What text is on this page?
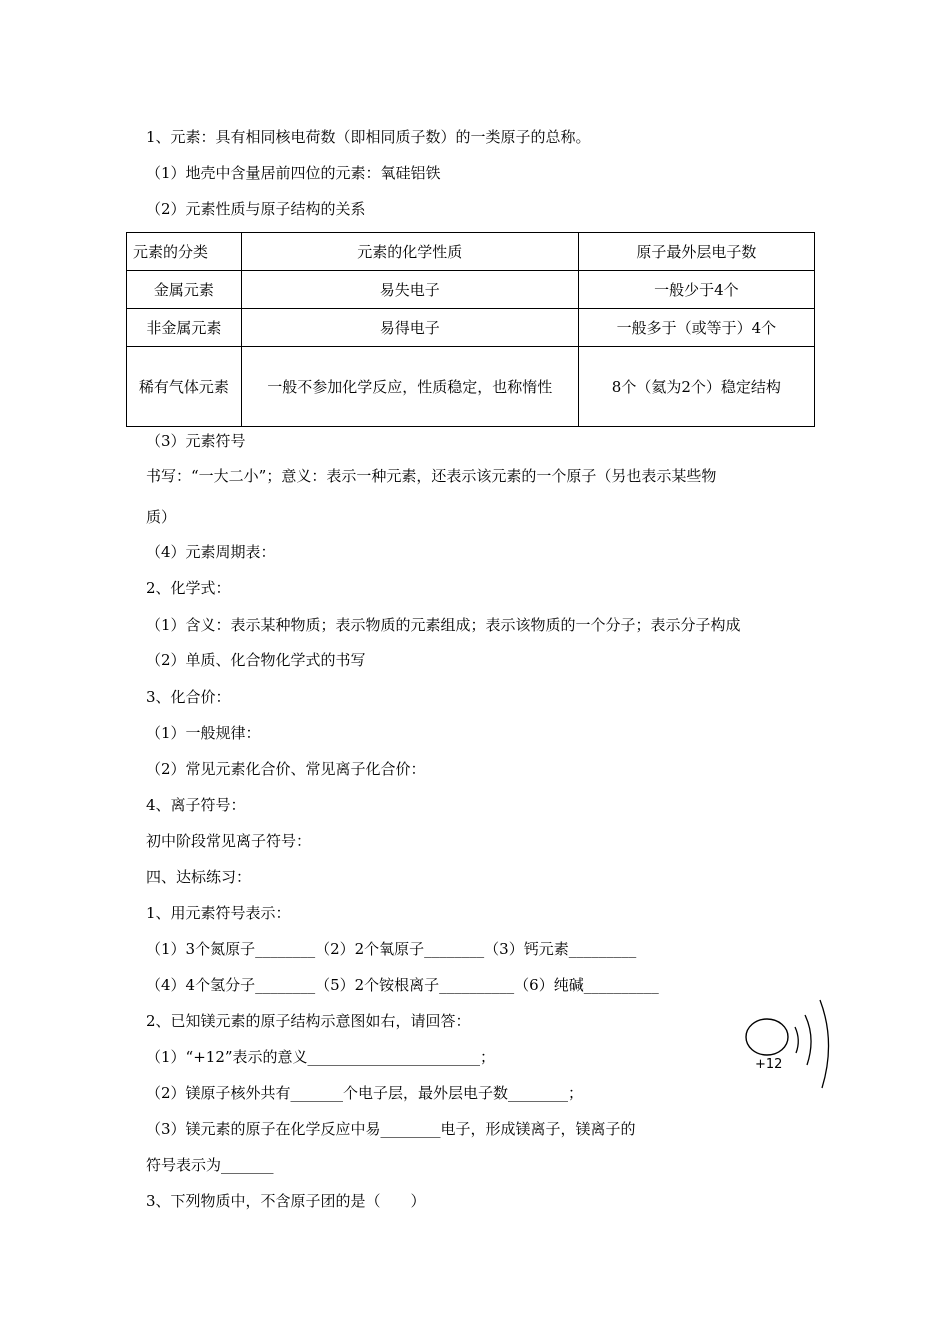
1、元素：具有相同核电荷数（即相同质子数）的一类原子的总称。
（1）地壳中含量居前四位的元素：氧硅铝铁
（2）元素性质与原子结构的关系
元素的分类	元素的化学性质	原子最外层电子数
金属元素	易失电子	一般少于4个
非金属元素	易得电子	一般多于（或等于）4个
稀有气体元素	一般不参加化学反应，性质稳定，也称惰性	8个（氦为2个）稳定结构
（3）元素符号
书写：“一大二小”；意义：表示一种元素，还表示该元素的一个原子（另也表示某些物
质）
（4）元素周期表：
2、化学式：
（1）含义：表示某种物质；表示物质的元素组成；表示该物质的一个分子；表示分子构成
（2）单质、化合物化学式的书写
3、化合价：
（1）一般规律：
（2）常见元素化合价、常见离子化合价：
4、离子符号：
初中阶段常见离子符号：
四、达标练习：
1、用元素符号表示：
（1）3个氮原子________（2）2个氧原子________（3）钙元素_________
（4）4个氢分子________（5）2个铵根离子__________（6）纯碱__________
2、已知镁元素的原子结构示意图如右，请回答：
（1）“+12”表示的意义_______________________；
（2）镁原子核外共有_______个电子层，最外层电子数________；
（3）镁元素的原子在化学反应中易________电子，形成镁离子，镁离子的
符号表示为_______
3、下列物质中，不含原子团的是（　　）
+12
